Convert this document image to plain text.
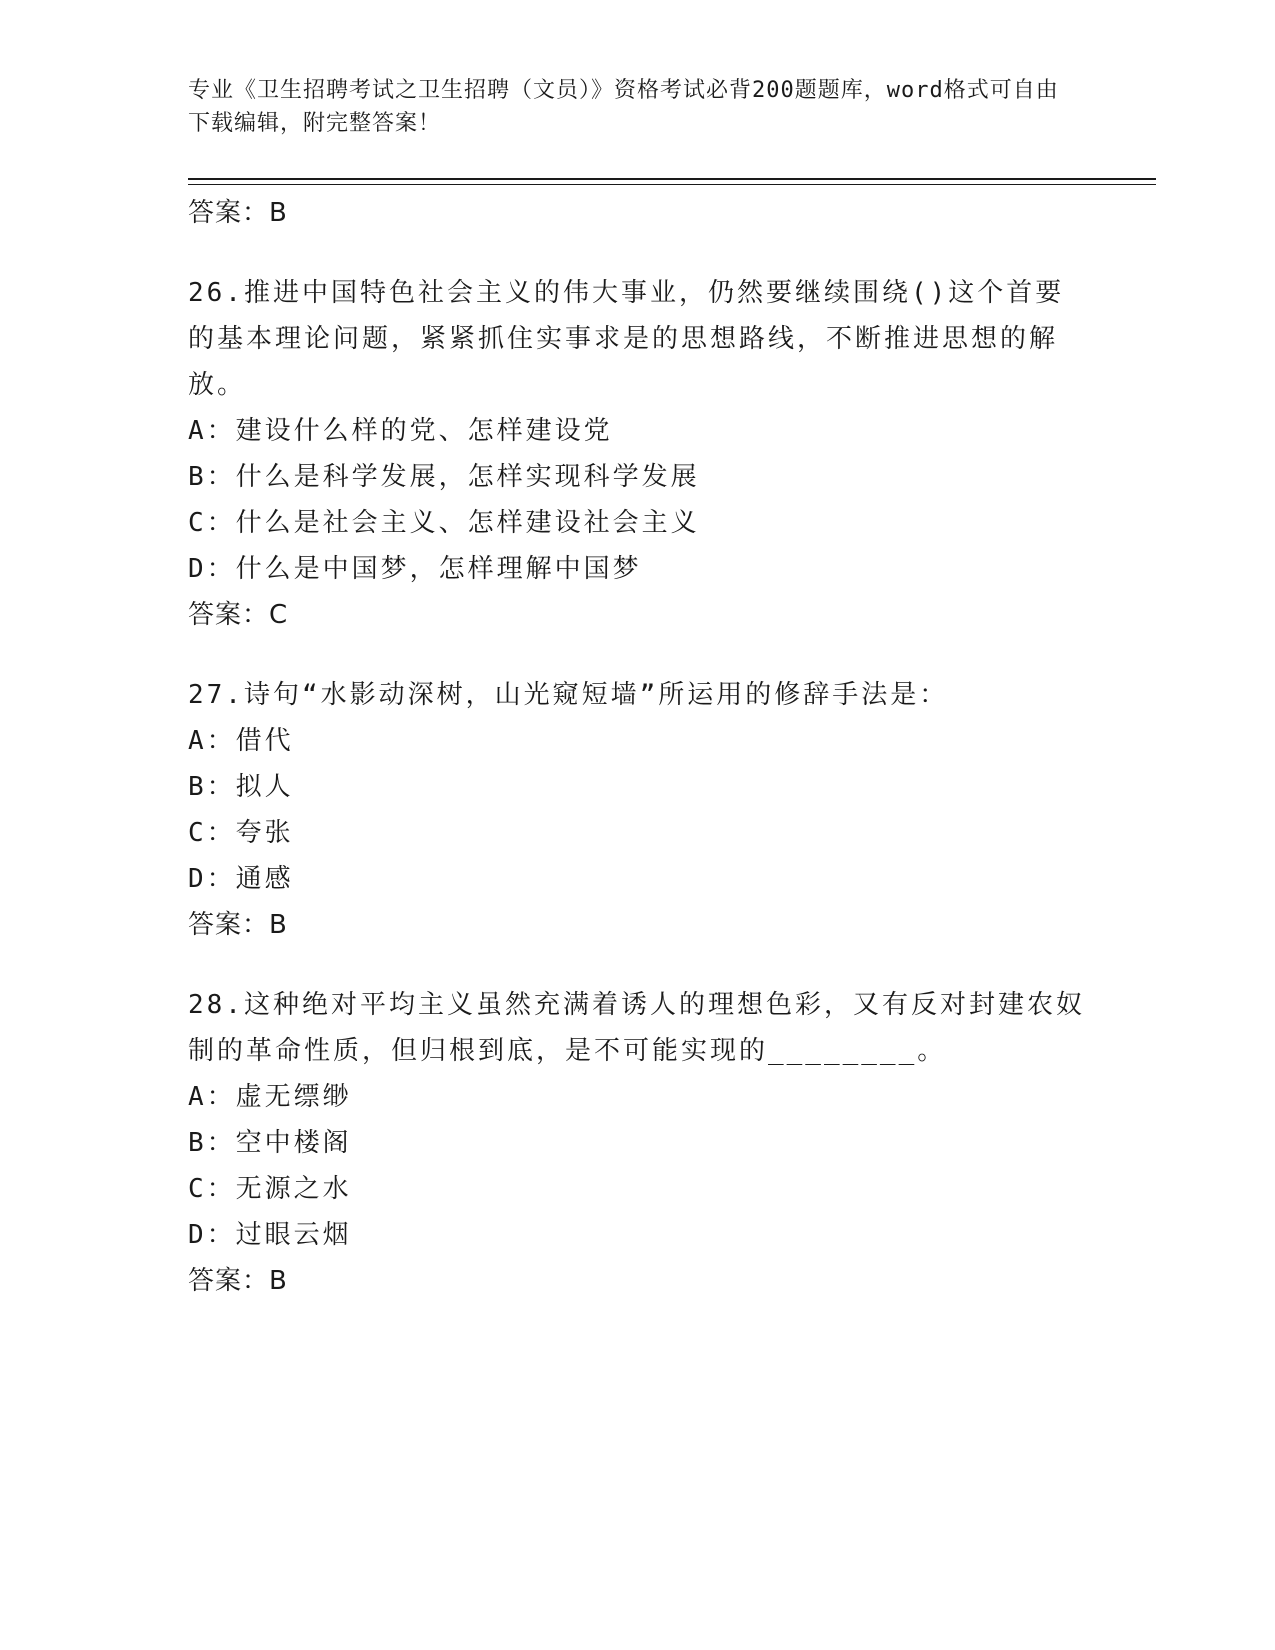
专业《卫生招聘考试之卫生招聘（文员）》资格考试必背200题题库，word格式可自由下载编辑，附完整答案！

答案：B

26.推进中国特色社会主义的伟大事业，仍然要继续围绕()这个首要的基本理论问题，紧紧抓住实事求是的思想路线，不断推进思想的解放。

A：建设什么样的党、怎样建设党

B：什么是科学发展，怎样实现科学发展

C：什么是社会主义、怎样建设社会主义

D：什么是中国梦，怎样理解中国梦

答案：C

27.诗句“水影动深树，山光窥短墙”所运用的修辞手法是：

A：借代

B：拟人

C：夸张

D：通感

答案：B

28.这种绝对平均主义虽然充满着诱人的理想色彩，又有反对封建农奴制的革命性质，但归根到底，是不可能实现的________。

A：虚无缥缈

B：空中楼阁

C：无源之水

D：过眼云烟

答案：B
